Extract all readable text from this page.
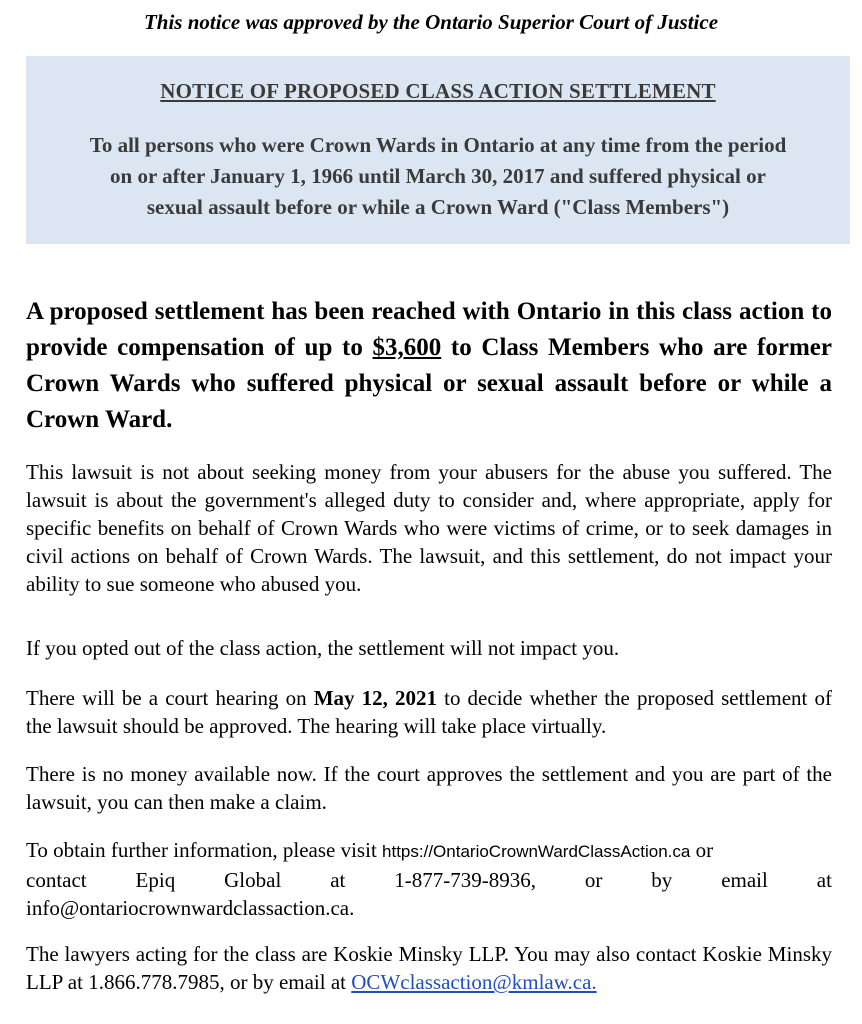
This notice was approved by the Ontario Superior Court of Justice
NOTICE OF PROPOSED CLASS ACTION SETTLEMENT
To all persons who were Crown Wards in Ontario at any time from the period
on or after January 1, 1966 until March 30, 2017 and suffered physical or
sexual assault before or while a Crown Ward ("Class Members")
A proposed settlement has been reached with Ontario in this class action to provide compensation of up to $3,600 to Class Members who are former Crown Wards who suffered physical or sexual assault before or while a Crown Ward.
This lawsuit is not about seeking money from your abusers for the abuse you suffered. The lawsuit is about the government's alleged duty to consider and, where appropriate, apply for specific benefits on behalf of Crown Wards who were victims of crime, or to seek damages in civil actions on behalf of Crown Wards. The lawsuit, and this settlement, do not impact your ability to sue someone who abused you.
If you opted out of the class action, the settlement will not impact you.
There will be a court hearing on May 12, 2021 to decide whether the proposed settlement of the lawsuit should be approved. The hearing will take place virtually.
There is no money available now. If the court approves the settlement and you are part of the lawsuit, you can then make a claim.
To obtain further information, please visit https://OntarioCrownWardClassAction.ca or
contact Epiq Global at 1-877-739-8936, or by email at
info@ontariocrownwardclassaction.ca.
The lawyers acting for the class are Koskie Minsky LLP. You may also contact Koskie Minsky LLP at 1.866.778.7985, or by email at OCWclassaction@kmlaw.ca.
